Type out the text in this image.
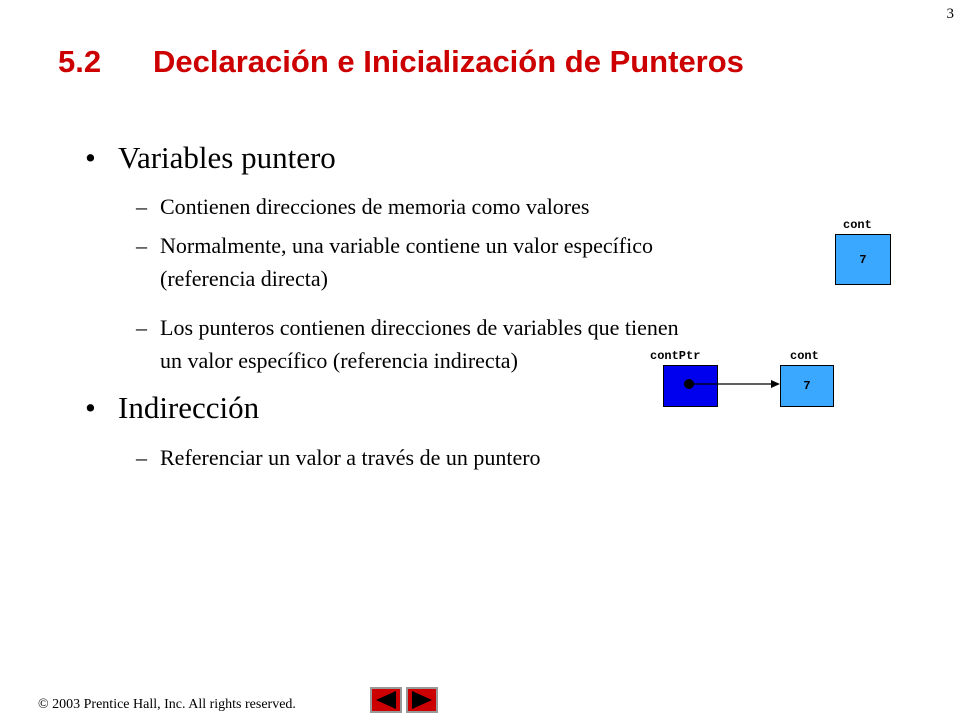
3
5.2 Declaración e Inicialización de Punteros
• Variables puntero
– Contienen direcciones de memoria como valores
– Normalmente, una variable contiene un valor específico
(referencia directa)
– Los punteros contienen direcciones de variables que tienen
un valor específico (referencia indirecta)
• Indirección
– Referenciar un valor a través de un puntero
cont
7
contPtr	cont
7
© 2003 Prentice Hall, Inc. All rights reserved.
